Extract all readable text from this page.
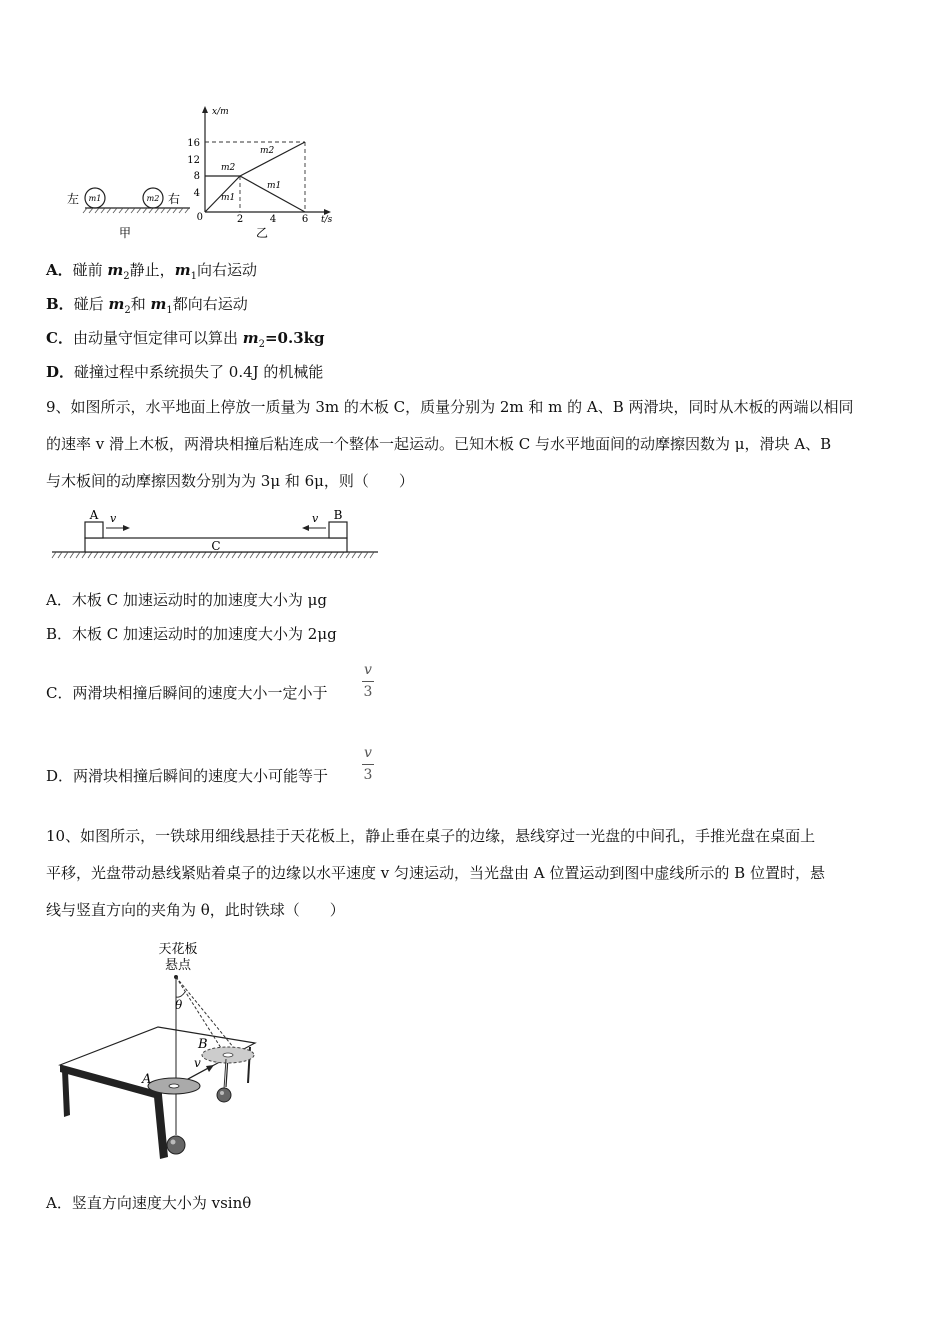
m1	m2
左	右
甲
x/m
t/s
16
12
8
4
0	2	4	6
m2
m2
m1
m1
乙
A．碰前 $m_2$静止，$m_1$向右运动
B．碰后 $m_2$和 $m_1$都向右运动
C．由动量守恒定律可以算出 $m_2=0.3kg$
D．碰撞过程中系统损失了 0.4J 的机械能
9、如图所示，水平地面上停放一质量为 3m 的木板 C，质量分别为 2m 和 m 的 A、B 两滑块，同时从木板的两端以相同
的速率 v 滑上木板，两滑块相撞后粘连成一个整体一起运动。已知木板 C 与水平地面间的动摩擦因数为 μ，滑块 A、B
与木板间的动摩擦因数分别为为 3μ 和 6μ，则（　　）
C
A v	B
v
A．木板 C 加速运动时的加速度大小为 μg
B．木板 C 加速运动时的加速度大小为 2μg
C．两滑块相撞后瞬间的速度大小一定小于
v
3
D．两滑块相撞后瞬间的速度大小可能等于
v
3
10、如图所示，一铁球用细线悬挂于天花板上，静止垂在桌子的边缘，悬线穿过一光盘的中间孔，手推光盘在桌面上
平移，光盘带动悬线紧贴着桌子的边缘以水平速度 v 匀速运动，当光盘由 A 位置运动到图中虚线所示的 B 位置时，悬
线与竖直方向的夹角为 θ，此时铁球（　　）
天花板
悬点
θ
A
B
v
A．竖直方向速度大小为 vsinθ
